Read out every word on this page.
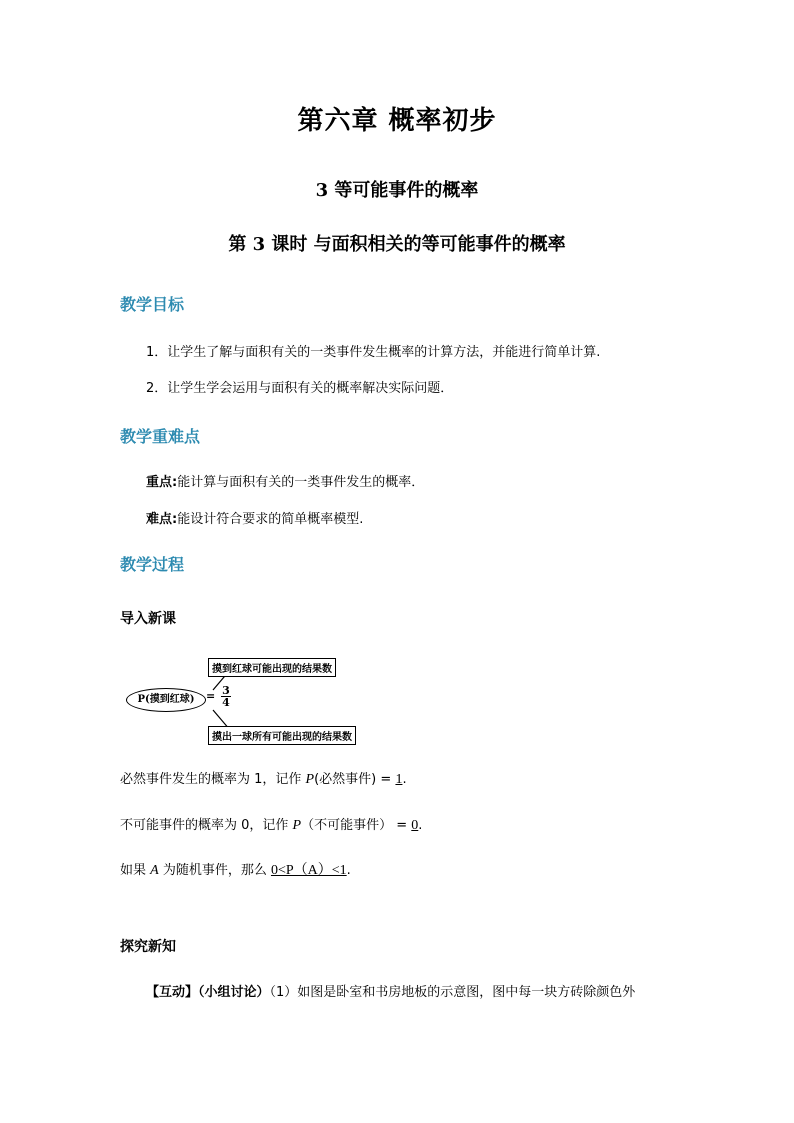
第六章 概率初步
3 等可能事件的概率
第 3 课时 与面积相关的等可能事件的概率
教学目标
1．让学生了解与面积有关的一类事件发生概率的计算方法，并能进行简单计算.
2．让学生学会运用与面积有关的概率解决实际问题．
教学重难点
重点:能计算与面积有关的一类事件发生的概率．
难点:能设计符合要求的简单概率模型.
教学过程
导入新课
P(摸到红球)	= $\frac{3}{4}$
摸到红球可能出现的结果数
摸出一球所有可能出现的结果数
必然事件发生的概率为 1，记作 P(必然事件) = 1.
不可能事件的概率为 0，记作 P（不可能事件） = 0.
如果 A 为随机事件，那么 0<P（A）<1.
探究新知
【互动】（小组讨论）（1）如图是卧室和书房地板的示意图，图中每一块方砖除颜色外
